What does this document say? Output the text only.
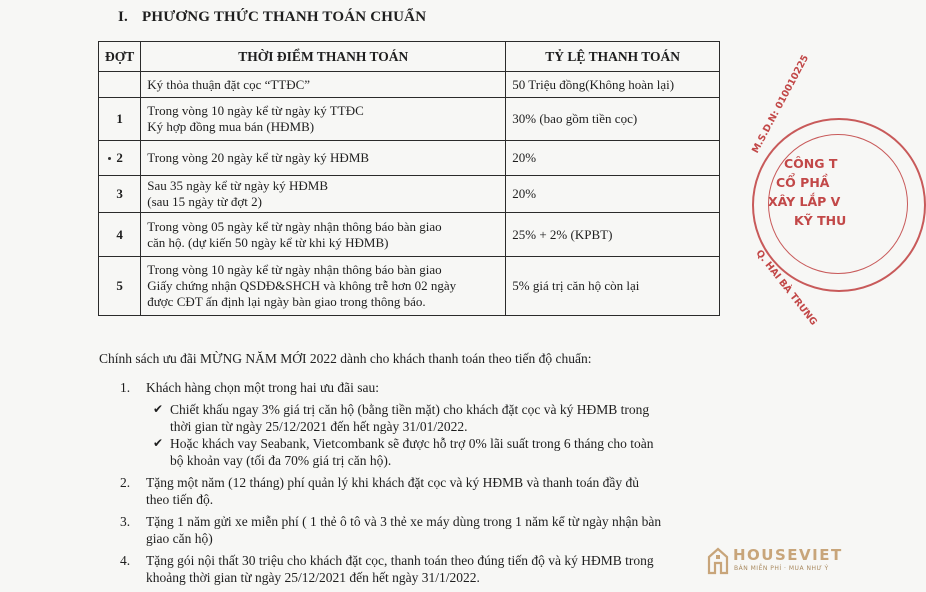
I. PHƯƠNG THỨC THANH TOÁN CHUẨN
ĐỢT	THỜI ĐIỂM THANH TOÁN	TỶ LỆ THANH TOÁN

	Ký thỏa thuận đặt cọc “TTĐC”	50 Triệu đồng(Không hoàn lại)
1	Trong vòng 10 ngày kể từ ngày ký TTĐC
Ký hợp đồng mua bán (HĐMB)	30% (bao gồm tiền cọc)
2	Trong vòng 20 ngày kể từ ngày ký HĐMB	20%
3	Sau 35 ngày kể từ ngày ký HĐMB
(sau 15 ngày từ đợt 2)	20%
4	Trong vòng 05 ngày kể từ ngày nhận thông báo bàn giao
căn hộ. (dự kiến 50 ngày kể từ khi ký HĐMB)	25% + 2% (KPBT)
5	Trong vòng 10 ngày kể từ ngày nhận thông báo bàn giao
Giấy chứng nhận QSDĐ&SHCH và không trễ hơn 02 ngày
được CĐT ấn định lại ngày bàn giao trong thông báo.	5% giá trị căn hộ còn lại
Chính sách ưu đãi MỪNG NĂM MỚI 2022 dành cho khách thanh toán theo tiến độ chuẩn:
1. Khách hàng chọn một trong hai ưu đãi sau:
✔ Chiết khấu ngay 3% giá trị căn hộ (bằng tiền mặt) cho khách đặt cọc và ký HĐMB trong
thời gian từ ngày 25/12/2021 đến hết ngày 31/01/2022.
✔ Hoặc khách vay Seabank, Vietcombank sẽ được hỗ trợ 0% lãi suất trong 6 tháng cho toàn
bộ khoản vay (tối đa 70% giá trị căn hộ).
2. Tặng một năm (12 tháng) phí quản lý khi khách đặt cọc và ký HĐMB và thanh toán đầy đủ
theo tiến độ.
3. Tặng 1 năm gửi xe miễn phí ( 1 thẻ ô tô và 3 thẻ xe máy dùng trong 1 năm kể từ ngày nhận bàn
giao căn hộ)
4. Tặng gói nội thất 30 triệu cho khách đặt cọc, thanh toán theo đúng tiến độ và ký HĐMB trong
khoảng thời gian từ ngày 25/12/2021 đến hết ngày 31/1/2022.
M.S.D.N: 010010225
Q. HAI BÀ TRƯNG
CÔNG T
CỔ PHẦ
XÂY LẮP V
KỸ THU
HOUSEVIET
BÁN MIỄN PHÍ · MUA NHƯ Ý
